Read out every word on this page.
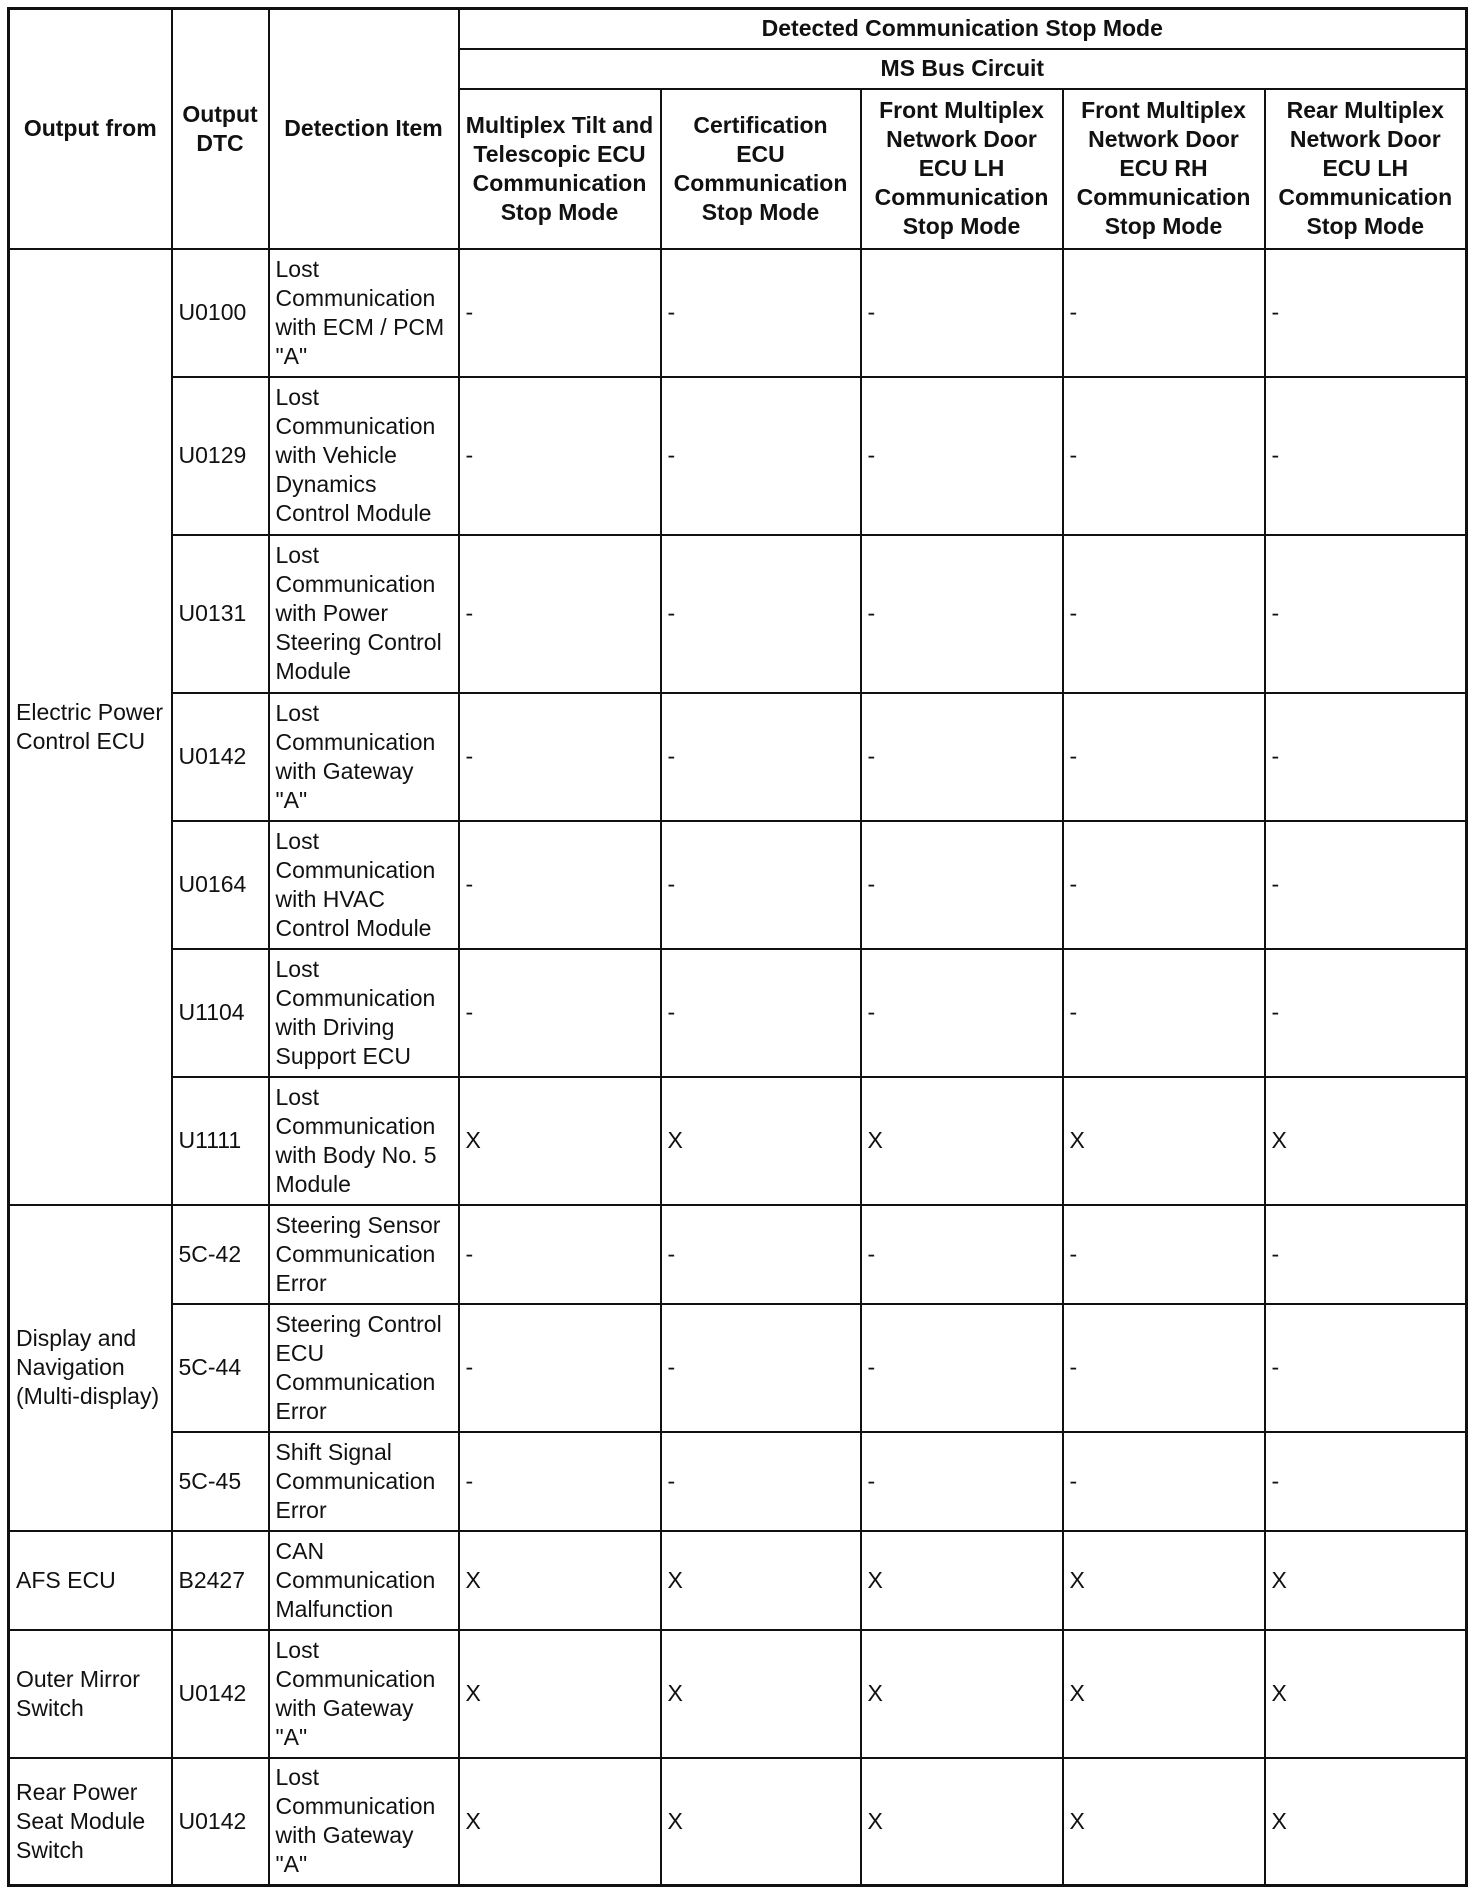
Output from	Output DTC	Detection Item	Detected Communication Stop Mode				
			MS Bus Circuit				
			Multiplex Tilt and Telescopic ECU Communication Stop Mode	Certification ECU Communication Stop Mode	Front Multiplex Network Door ECU LH Communication Stop Mode	Front Multiplex Network Door ECU RH Communication Stop Mode	Rear Multiplex Network Door ECU LH Communication Stop Mode
Electric Power Control ECU	U0100	Lost Communication with ECM / PCM "A"	-	-	-	-	-
	U0129	Lost Communication with Vehicle Dynamics Control Module	-	-	-	-	-
	U0131	Lost Communication with Power Steering Control Module	-	-	-	-	-
	U0142	Lost Communication with Gateway "A"	-	-	-	-	-
	U0164	Lost Communication with HVAC Control Module	-	-	-	-	-
	U1104	Lost Communication with Driving Support ECU	-	-	-	-	-
	U1111	Lost Communication with Body No. 5 Module	X	X	X	X	X
Display and Navigation (Multi-display)	5C-42	Steering Sensor Communication Error	-	-	-	-	-
	5C-44	Steering Control ECU Communication Error	-	-	-	-	-
	5C-45	Shift Signal Communication Error	-	-	-	-	-
AFS ECU	B2427	CAN Communication Malfunction	X	X	X	X	X
Outer Mirror Switch	U0142	Lost Communication with Gateway "A"	X	X	X	X	X
Rear Power Seat Module Switch	U0142	Lost Communication with Gateway "A"	X	X	X	X	X
